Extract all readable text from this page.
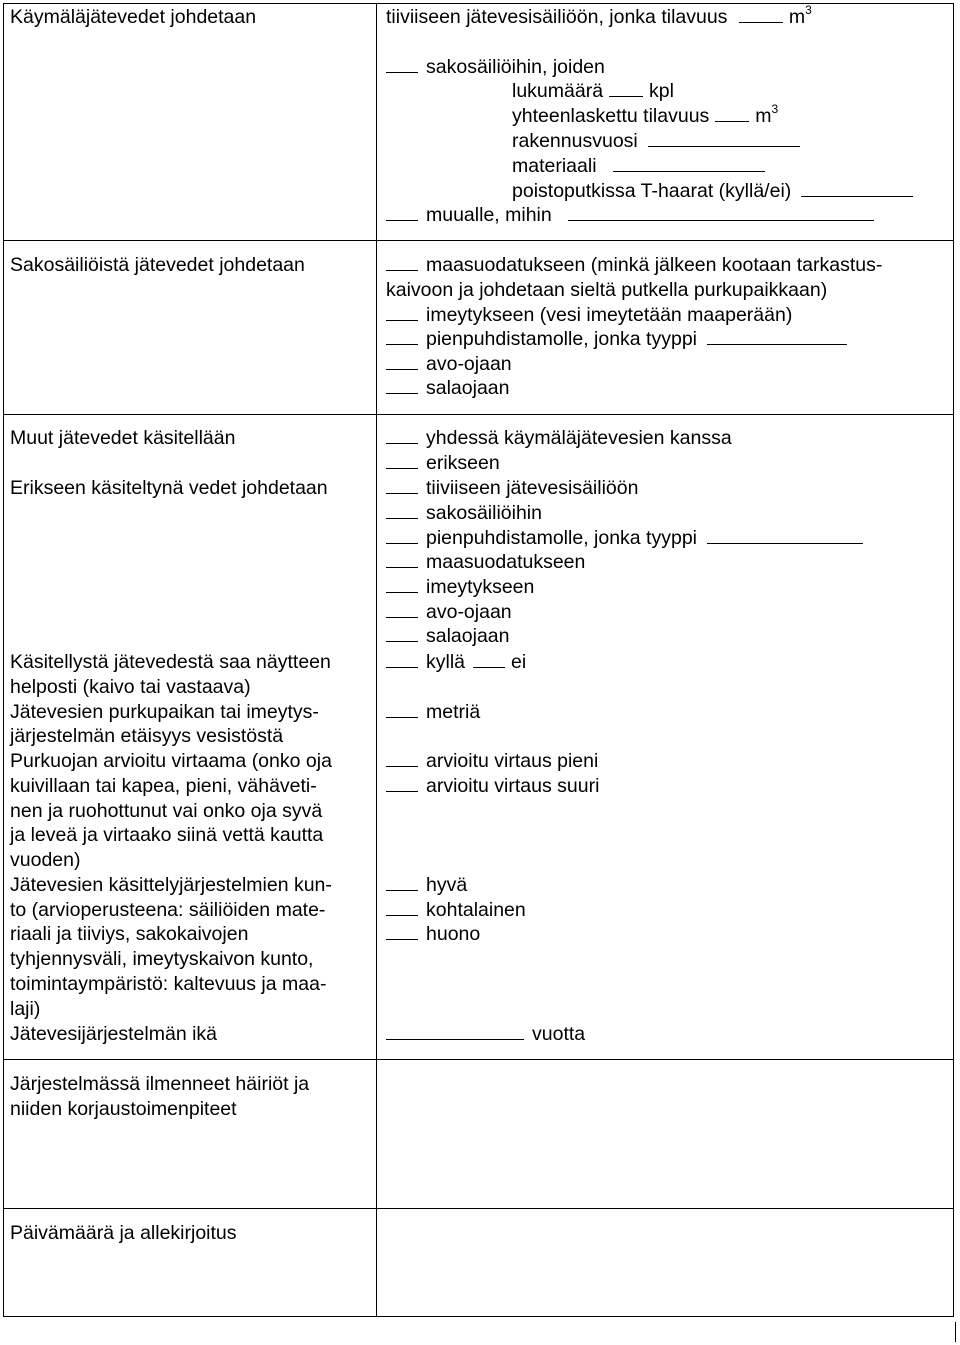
Käymäläjätevedet johdetaan	tiiviiseen jätevesisäiliöön, jonka tilavuus	$m^3$
sakosäiliöihin, joiden
lukumäärä kpl
yhteenlaskettu tilavuus $m^3$
rakennusvuosi
materiaali
poistoputkissa T-haarat (kyllä/ei)
muualle, mihin
Sakosäiliöistä jätevedet johdetaan	maasuodatukseen (minkä jälkeen kootaan tarkastus-
kaivoon ja johdetaan sieltä putkella purkupaikkaan)
imeytykseen (vesi imeytetään maaperään)
pienpuhdistamolle, jonka tyyppi
avo-ojaan
salaojaan
Muut jätevedet käsitellään	yhdessä käymäläjätevesien kanssa
erikseen
Erikseen käsiteltynä vedet johdetaan	tiiviiseen jätevesisäiliöön
sakosäiliöihin
pienpuhdistamolle, jonka tyyppi
maasuodatukseen
imeytykseen
avo-ojaan
salaojaan
Käsitellystä jätevedestä saa näytteen
helposti (kaivo tai vastaava)
kyllä ei
Jätevesien purkupaikan tai imeytys-
järjestelmän etäisyys vesistöstä
metriä
Purkuojan arvioitu virtaama (onko oja
kuivillaan tai kapea, pieni, vähäveti-
nen ja ruohottunut vai onko oja syvä
ja leveä ja virtaako siinä vettä kautta
vuoden)
arvioitu virtaus pieni
arvioitu virtaus suuri
Jätevesien käsittelyjärjestelmien kun-
to (arvioperusteena: säiliöiden mate-
riaali ja tiiviys, sakokaivojen
tyhjennysväli, imeytyskaivon kunto,
toimintaympäristö: kaltevuus ja maa-
laji)
hyvä
kohtalainen
huono
Jätevesijärjestelmän ikä	vuotta
Järjestelmässä ilmenneet häiriöt ja
niiden korjaustoimenpiteet
Päivämäärä ja allekirjoitus
